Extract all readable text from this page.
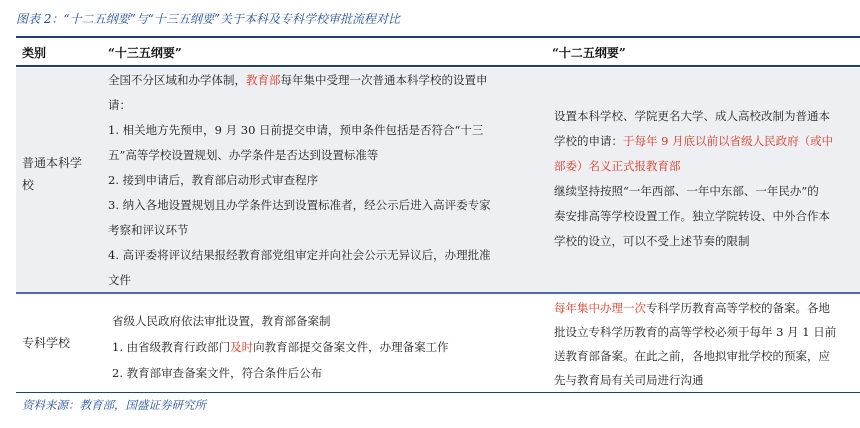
图表 2：“十二五纲要”与“十三五纲要”关于本科及专科学校审批流程对比
类别	“十三五纲要”	“十二五纲要”
普通本科学校

全国不分区域和办学体制，教育部每年集中受理一次普通本科学校的设置申

请：

1. 相关地方先预申，9 月 30 日前提交申请，预申条件包括是否符合“十三

五”高等学校设置规划、办学条件是否达到设置标准等

2. 接到申请后，教育部启动形式审查程序

3. 纳入各地设置规划且办学条件达到设置标准者，经公示后进入高评委专家

考察和评议环节

4. 高评委将评议结果报经教育部党组审定并向社会公示无异议后，办理批准

文件

设置本科学校、学院更名大学、成人高校改制为普通本

学校的申请：于每年 9 月底以前以省级人民政府（或中

部委）名义正式报教育部

继续坚持按照“一年西部、一年中东部、一年民办”的

奏安排高等学校设置工作。独立学院转设、中外合作本

学校的设立，可以不受上述节奏的限制

专科学校

省级人民政府依法审批设置，教育部备案制

1. 由省级教育行政部门及时向教育部提交备案文件，办理备案工作

2. 教育部审查备案文件，符合条件后公布

每年集中办理一次专科学历教育高等学校的备案。各地

批设立专科学历教育的高等学校必须于每年 3 月 1 日前

送教育部备案。在此之前，各地拟审批学校的预案，应

先与教育局有关司局进行沟通

资料来源：教育部，国盛证券研究所
